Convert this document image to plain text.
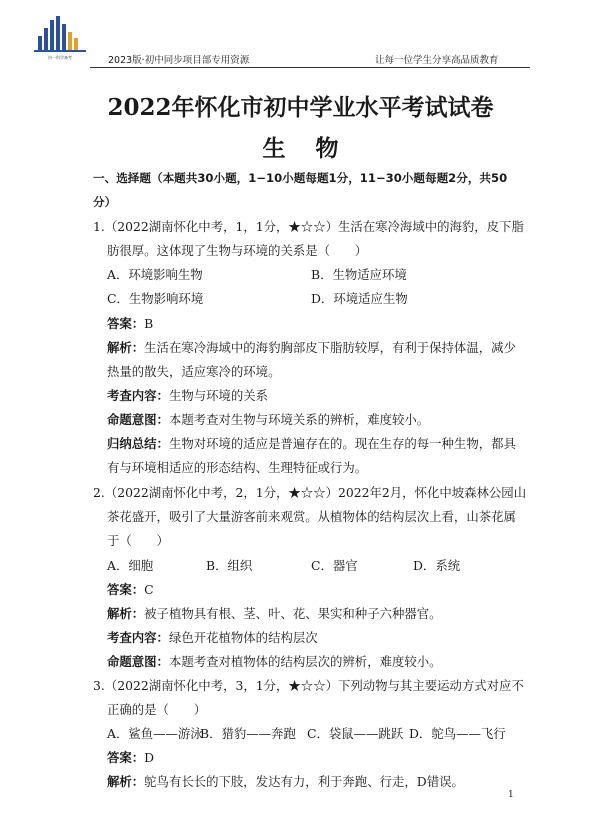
由一科学备考	2023版·初中同步项目部专用资源	让每一位学生分享高品质教育
2022年怀化市初中学业水平考试试卷
生物
一、选择题（本题共30小题，1−10小题每题1分，11−30小题每题2分，共50
分）
1.（2022湖南怀化中考，1，1分，★☆☆）生活在寒冷海域中的海豹，皮下脂
肪很厚。这体现了生物与环境的关系是（　　）
A．环境影响生物	B．生物适应环境
C．生物影响环境	D．环境适应生物
答案：B
解析：生活在寒冷海域中的海豹胸部皮下脂肪较厚，有利于保持体温，减少
热量的散失，适应寒冷的环境。
考查内容：生物与环境的关系
命题意图：本题考查对生物与环境关系的辨析，难度较小。
归纳总结：生物对环境的适应是普遍存在的。现在生存的每一种生物，都具
有与环境相适应的形态结构、生理特征或行为。
2.（2022湖南怀化中考，2，1分，★☆☆）2022年2月，怀化中坡森林公园山
茶花盛开，吸引了大量游客前来观赏。从植物体的结构层次上看，山茶花属
于（　　）
A．细胞	B．组织	C．器官	D．系统
答案：C
解析：被子植物具有根、茎、叶、花、果实和种子六种器官。
考查内容：绿色开花植物体的结构层次
命题意图：本题考查对植物体的结构层次的辨析，难度较小。
3.（2022湖南怀化中考，3，1分，★☆☆）下列动物与其主要运动方式对应不
正确的是（　　）
A．鲨鱼——游泳
B．猎豹——奔跑 C．袋鼠——跳跃 D．鸵鸟——飞行
答案：D
解析：鸵鸟有长长的下肢，发达有力，利于奔跑、行走，D错误。
1
